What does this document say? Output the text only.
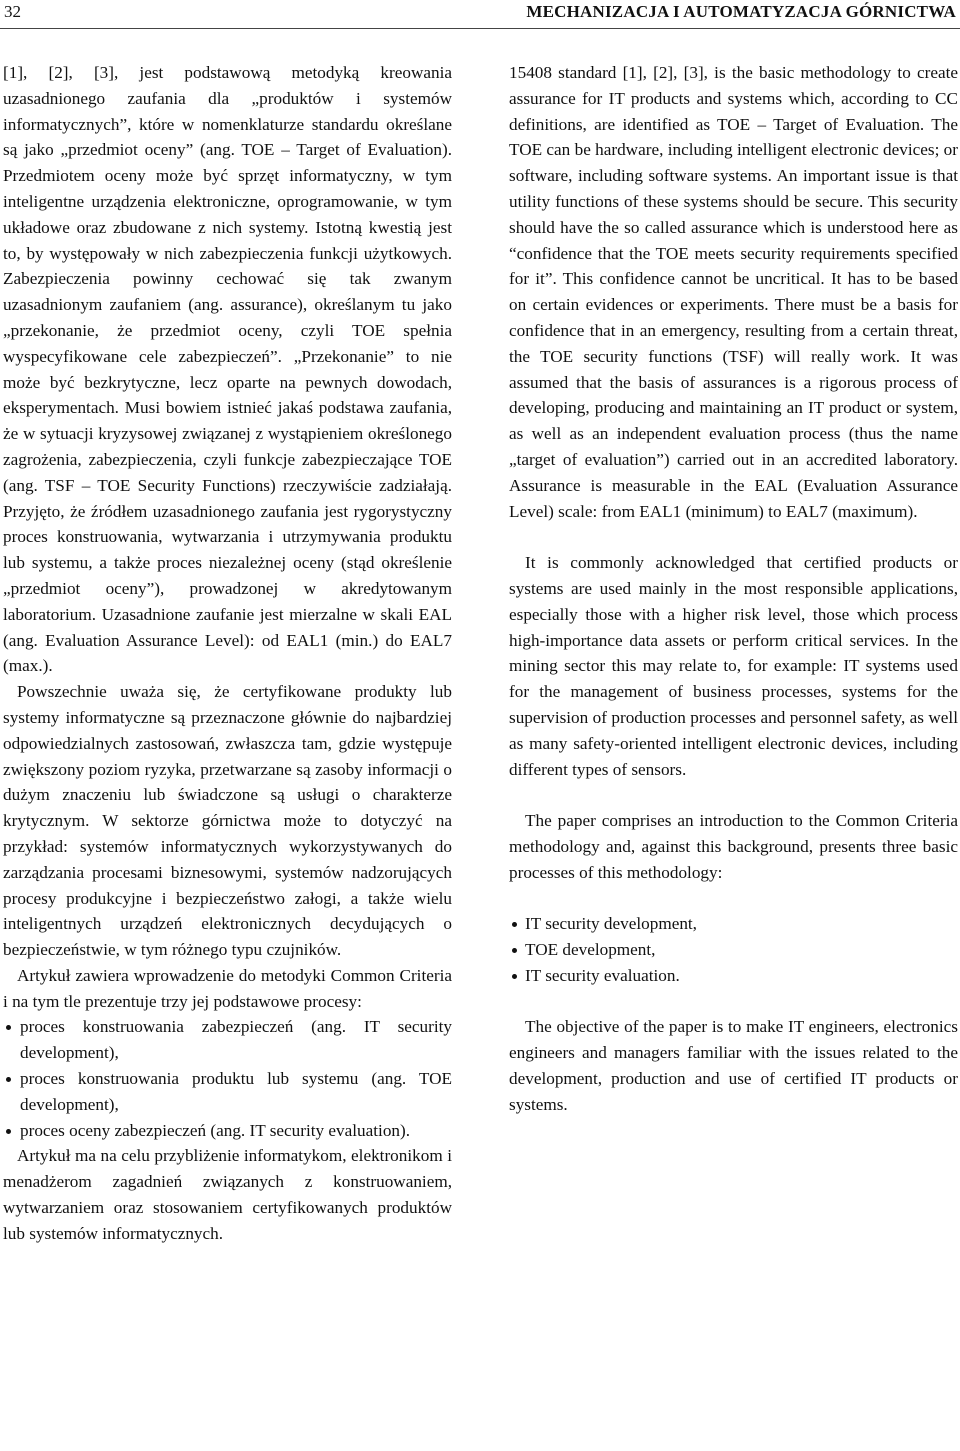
32	MECHANIZACJA I AUTOMATYZACJA GÓRNICTWA

[1], [2], [3], jest podstawową metodyką kreowania uzasadnionego zaufania dla „produktów i systemów informatycznych”, które w nomenklaturze standardu określane są jako „przedmiot oceny” (ang. TOE – Target of Evaluation). Przedmiotem oceny może być sprzęt informatyczny, w tym inteligentne urządzenia elektroniczne, oprogramowanie, w tym układowe oraz zbudowane z nich systemy. Istotną kwestią jest to, by występowały w nich zabezpieczenia funkcji użytkowych. Zabezpieczenia powinny cechować się tak zwanym uzasadnionym zaufaniem (ang. assurance), określanym tu jako „przekonanie, że przedmiot oceny, czyli TOE spełnia wyspecyfikowane cele zabezpieczeń”. „Przekonanie” to nie może być bezkrytyczne, lecz oparte na pewnych dowodach, eksperymentach. Musi bowiem istnieć jakaś podstawa zaufania, że w sytuacji kryzysowej związanej z wystąpieniem określonego zagrożenia, zabezpieczenia, czyli funkcje zabezpieczające TOE (ang. TSF – TOE Security Functions) rzeczywiście zadziałają. Przyjęto, że źródłem uzasadnionego zaufania jest rygorystyczny proces konstruowania, wytwarzania i utrzymywania produktu lub systemu, a także proces niezależnej oceny (stąd określenie „przedmiot oceny”), prowadzonej w akredytowanym laboratorium. Uzasadnione zaufanie jest mierzalne w skali EAL (ang. Evaluation Assurance Level): od EAL1 (min.) do EAL7 (max.).

Powszechnie uważa się, że certyfikowane produkty lub systemy informatyczne są przeznaczone głównie do najbardziej odpowiedzialnych zastosowań, zwłaszcza tam, gdzie występuje zwiększony poziom ryzyka, przetwarzane są zasoby informacji o dużym znaczeniu lub świadczone są usługi o charakterze krytycznym. W sektorze górnictwa może to dotyczyć na przykład: systemów informatycznych wykorzystywanych do zarządzania procesami biznesowymi, systemów nadzorujących procesy produkcyjne i bezpieczeństwo załogi, a także wielu inteligentnych urządzeń elektronicznych decydujących o bezpieczeństwie, w tym różnego typu czujników.

Artykuł zawiera wprowadzenie do metodyki Common Criteria i na tym tle prezentuje trzy jej podstawowe procesy:

proces konstruowania zabezpieczeń (ang. IT security development),
proces konstruowania produktu lub systemu (ang. TOE development),
proces oceny zabezpieczeń (ang. IT security evaluation).

Artykuł ma na celu przybliżenie informatykom, elektronikom i menadżerom zagadnień związanych z konstruowaniem, wytwarzaniem oraz stosowaniem certyfikowanych produktów lub systemów informatycznych.

15408 standard [1], [2], [3], is the basic methodology to create assurance for IT products and systems which, according to CC definitions, are identified as TOE – Target of Evaluation. The TOE can be hardware, including intelligent electronic devices; or software, including software systems. An important issue is that utility functions of these systems should be secure. This security should have the so called assurance which is understood here as “confidence that the TOE meets security requirements specified for it”. This confidence cannot be uncritical. It has to be based on certain evidences or experiments. There must be a basis for confidence that in an emergency, resulting from a certain threat, the TOE security functions (TSF) will really work. It was assumed that the basis of assurances is a rigorous process of developing, producing and maintaining an IT product or system, as well as an independent evaluation process (thus the name „target of evaluation”) carried out in an accredited laboratory. Assurance is measurable in the EAL (Evaluation Assurance Level) scale: from EAL1 (minimum) to EAL7 (maximum).

It is commonly acknowledged that certified products or systems are used mainly in the most responsible applications, especially those with a higher risk level, those which process high-importance data assets or perform critical services. In the mining sector this may relate to, for example: IT systems used for the management of business processes, systems for the supervision of production processes and personnel safety, as well as many safety-oriented intelligent electronic devices, including different types of sensors.

The paper comprises an introduction to the Common Criteria methodology and, against this background, presents three basic processes of this methodology:

IT security development,
TOE development,
IT security evaluation.

The objective of the paper is to make IT engineers, electronics engineers and managers familiar with the issues related to the development, production and use of certified IT products or systems.
